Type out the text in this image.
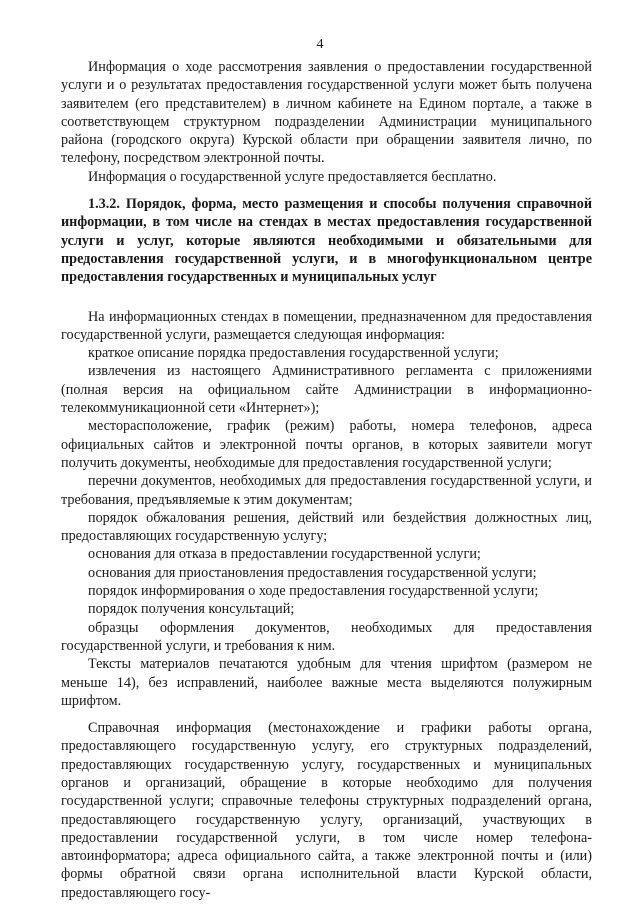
4

Информация о ходе рассмотрения заявления о предоставлении государственной услуги и о результатах предоставления государственной услуги может быть получена заявителем (его представителем) в личном кабинете на Едином портале, а также в соответствующем структурном подразделении Администрации муниципального района (городского округа) Курской области при обращении заявителя лично, по телефону, посредством электронной почты.

Информация о государственной услуге предоставляется бесплатно.

1.3.2. Порядок, форма, место размещения и способы получения справочной информации, в том числе на стендах в местах предоставления государственной услуги и услуг, которые являются необходимыми и обязательными для предоставления государственной услуги, и в многофункциональном центре предоставления государственных и муниципальных услуг

На информационных стендах в помещении, предназначенном для предоставления государственной услуги, размещается следующая информация:

краткое описание порядка предоставления государственной услуги;

извлечения из настоящего Административного регламента с приложениями (полная версия на официальном сайте Администрации в информационно-телекоммуникационной сети «Интернет»);

месторасположение, график (режим) работы, номера телефонов, адреса официальных сайтов и электронной почты органов, в которых заявители могут получить документы, необходимые для предоставления государственной услуги;

перечни документов, необходимых для предоставления государственной услуги, и требования, предъявляемые к этим документам;

порядок обжалования решения, действий или бездействия должностных лиц, предоставляющих государственную услугу;

основания для отказа в предоставлении государственной услуги;

основания для приостановления предоставления государственной услуги;

порядок информирования о ходе предоставления государственной услуги;

порядок получения консультаций;

образцы оформления документов, необходимых для предоставления государственной услуги, и требования к ним.

Тексты материалов печатаются удобным для чтения шрифтом (размером не меньше 14), без исправлений, наиболее важные места выделяются полужирным шрифтом.

Справочная информация (местонахождение и графики работы органа, предоставляющего государственную услугу, его структурных подразделений, предоставляющих государственную услугу, государственных и муниципальных органов и организаций, обращение в которые необходимо для получения государственной услуги; справочные телефоны структурных подразделений органа, предоставляющего государственную услугу, организаций, участвующих в предоставлении государственной услуги, в том числе номер телефона-автоинформатора; адреса официального сайта, а также электронной почты и (или) формы обратной связи органа исполнительной власти Курской области, предоставляющего госу-
